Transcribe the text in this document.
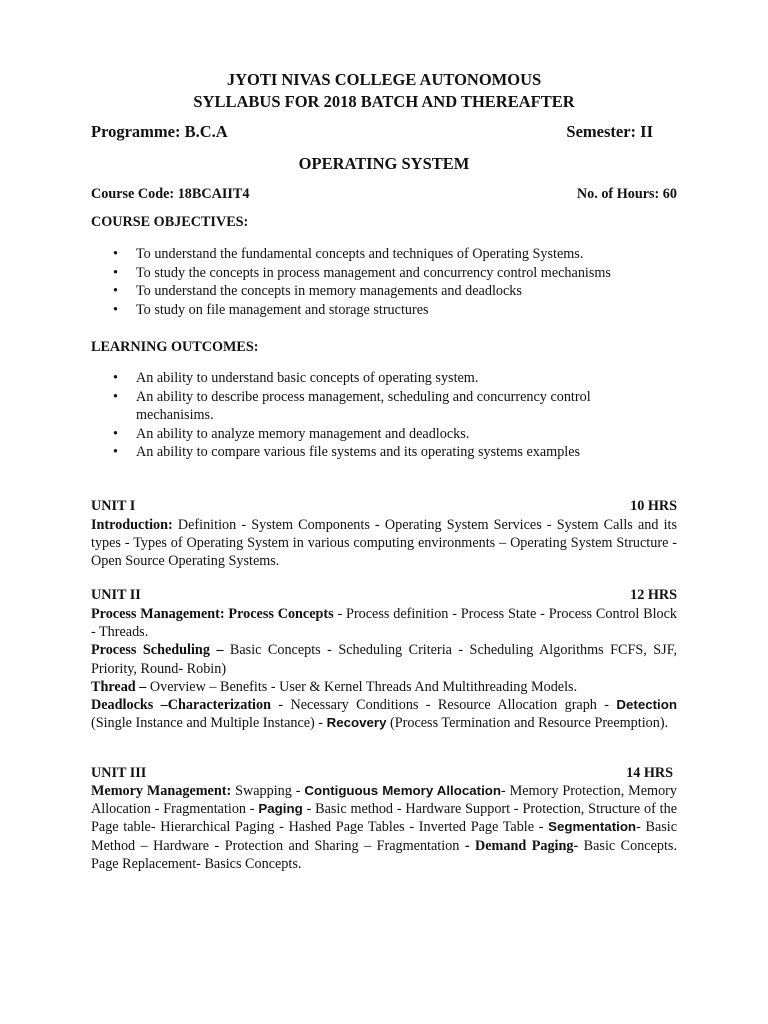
JYOTI NIVAS COLLEGE AUTONOMOUS
SYLLABUS FOR 2018 BATCH AND THEREAFTER
Programme: B.C.A	Semester: II
OPERATING SYSTEM
Course Code: 18BCAIIT4	No. of Hours: 60
COURSE OBJECTIVES:
• To understand the fundamental concepts and techniques of Operating Systems.
• To study the concepts in process management and concurrency control mechanisms
• To understand the concepts in memory managements and deadlocks
• To study on file management and storage structures
LEARNING OUTCOMES:
• An ability to understand basic concepts of operating system.
• An ability to describe process management, scheduling and concurrency control mechanisims.
• An ability to analyze memory management and deadlocks.
• An ability to compare various file systems and its operating systems examples
UNIT I	10 HRS

Introduction: Definition - System Components - Operating System Services - System Calls and its types - Types of Operating System in various computing environments – Operating System Structure - Open Source Operating Systems.

UNIT II	12 HRS

Process Management: Process Concepts - Process definition - Process State - Process Control Block - Threads.

Process Scheduling – Basic Concepts - Scheduling Criteria - Scheduling Algorithms FCFS, SJF, Priority, Round- Robin)

Thread – Overview – Benefits - User & Kernel Threads And Multithreading Models.

Deadlocks –Characterization - Necessary Conditions - Resource Allocation graph - Detection (Single Instance and Multiple Instance) - Recovery (Process Termination and Resource Preemption).

UNIT III	14 HRS

Memory Management: Swapping - Contiguous Memory Allocation- Memory Protection, Memory Allocation - Fragmentation - Paging - Basic method - Hardware Support - Protection, Structure of the Page table- Hierarchical Paging - Hashed Page Tables - Inverted Page Table - Segmentation- Basic Method – Hardware - Protection and Sharing – Fragmentation - Demand Paging- Basic Concepts. Page Replacement- Basics Concepts.
